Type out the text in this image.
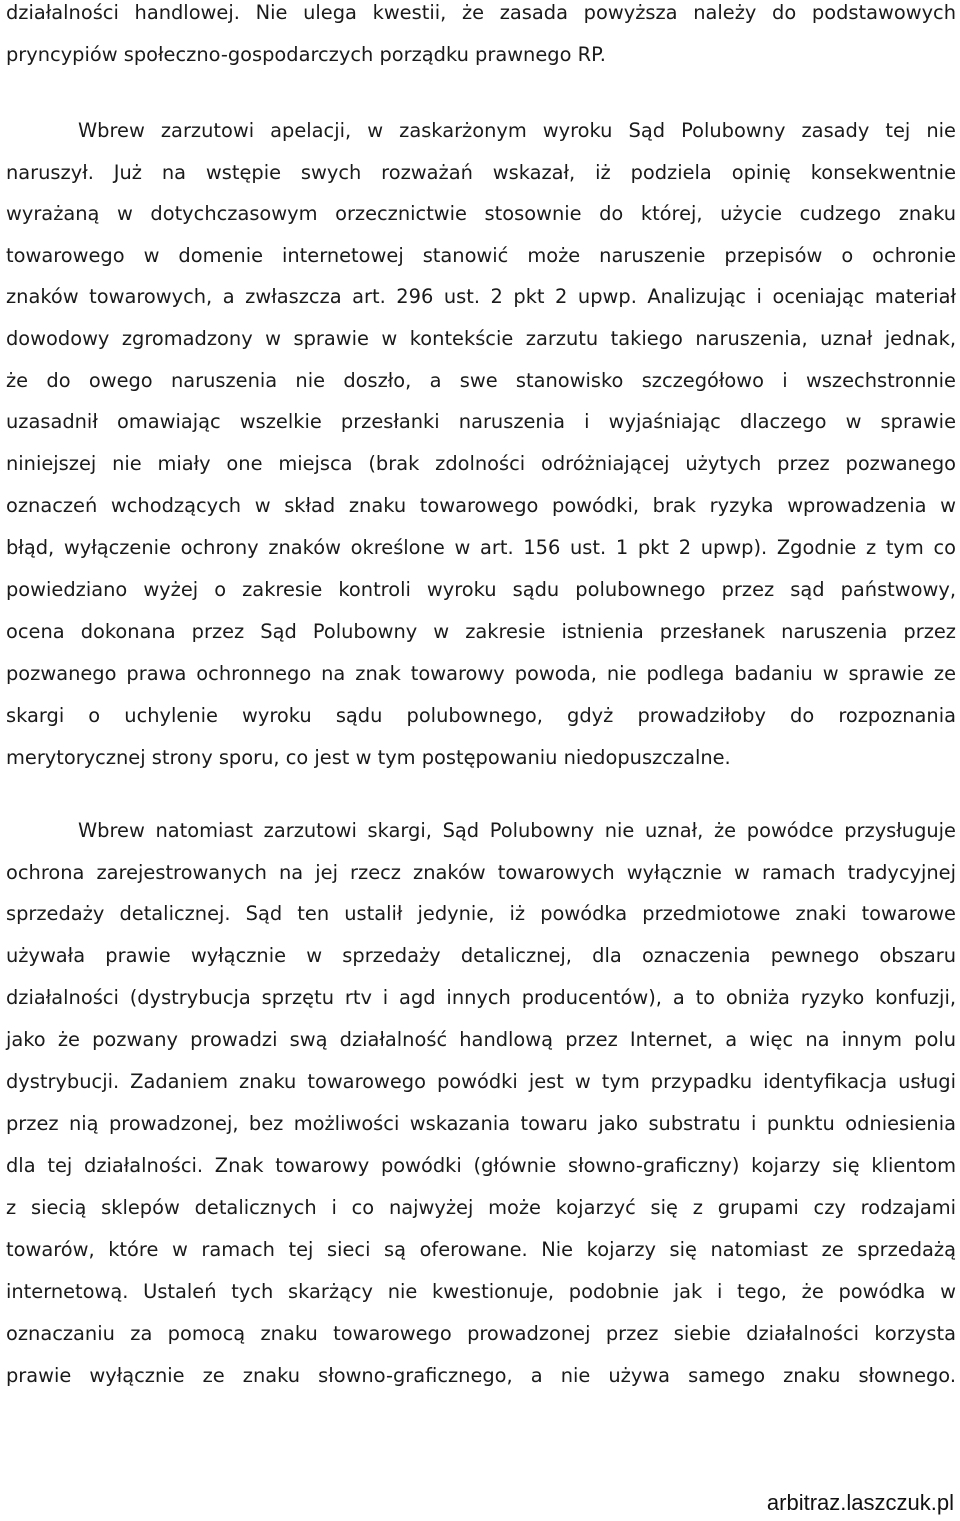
działalności handlowej. Nie ulega kwestii, że zasada powyższa należy do podstawowych
pryncypiów społeczno-gospodarczych porządku prawnego RP.
Wbrew zarzutowi apelacji, w zaskarżonym wyroku Sąd Polubowny zasady tej nie
naruszył. Już na wstępie swych rozważań wskazał, iż podziela opinię konsekwentnie
wyrażaną w dotychczasowym orzecznictwie stosownie do której, użycie cudzego znaku
towarowego w domenie internetowej stanowić może naruszenie przepisów o ochronie
znaków towarowych, a zwłaszcza art. 296 ust. 2 pkt 2 upwp. Analizując i oceniając materiał
dowodowy zgromadzony w sprawie w kontekście zarzutu takiego naruszenia, uznał jednak,
że do owego naruszenia nie doszło, a swe stanowisko szczegółowo i wszechstronnie
uzasadnił omawiając wszelkie przesłanki naruszenia i wyjaśniając dlaczego w sprawie
niniejszej nie miały one miejsca (brak zdolności odróżniającej użytych przez pozwanego
oznaczeń wchodzących w skład znaku towarowego powódki, brak ryzyka wprowadzenia w
błąd, wyłączenie ochrony znaków określone w art. 156 ust. 1 pkt 2 upwp). Zgodnie z tym co
powiedziano wyżej o zakresie kontroli wyroku sądu polubownego przez sąd państwowy,
ocena dokonana przez Sąd Polubowny w zakresie istnienia przesłanek naruszenia przez
pozwanego prawa ochronnego na znak towarowy powoda, nie podlega badaniu w sprawie ze
skargi o uchylenie wyroku sądu polubownego, gdyż prowadziłoby do rozpoznania
merytorycznej strony sporu, co jest w tym postępowaniu niedopuszczalne.
Wbrew natomiast zarzutowi skargi, Sąd Polubowny nie uznał, że powódce przysługuje
ochrona zarejestrowanych na jej rzecz znaków towarowych wyłącznie w ramach tradycyjnej
sprzedaży detalicznej. Sąd ten ustalił jedynie, iż powódka przedmiotowe znaki towarowe
używała prawie wyłącznie w sprzedaży detalicznej, dla oznaczenia pewnego obszaru
działalności (dystrybucja sprzętu rtv i agd innych producentów), a to obniża ryzyko konfuzji,
jako że pozwany prowadzi swą działalność handlową przez Internet, a więc na innym polu
dystrybucji. Zadaniem znaku towarowego powódki jest w tym przypadku identyfikacja usługi
przez nią prowadzonej, bez możliwości wskazania towaru jako substratu i punktu odniesienia
dla tej działalności. Znak towarowy powódki (głównie słowno-graficzny) kojarzy się klientom
z siecią sklepów detalicznych i co najwyżej może kojarzyć się z grupami czy rodzajami
towarów, które w ramach tej sieci są oferowane. Nie kojarzy się natomiast ze sprzedażą
internetową. Ustaleń tych skarżący nie kwestionuje, podobnie jak i tego, że powódka w
oznaczaniu za pomocą znaku towarowego prowadzonej przez siebie działalności korzysta
prawie wyłącznie ze znaku słowno-graficznego, a nie używa samego znaku słownego.
arbitraz.laszczuk.pl
